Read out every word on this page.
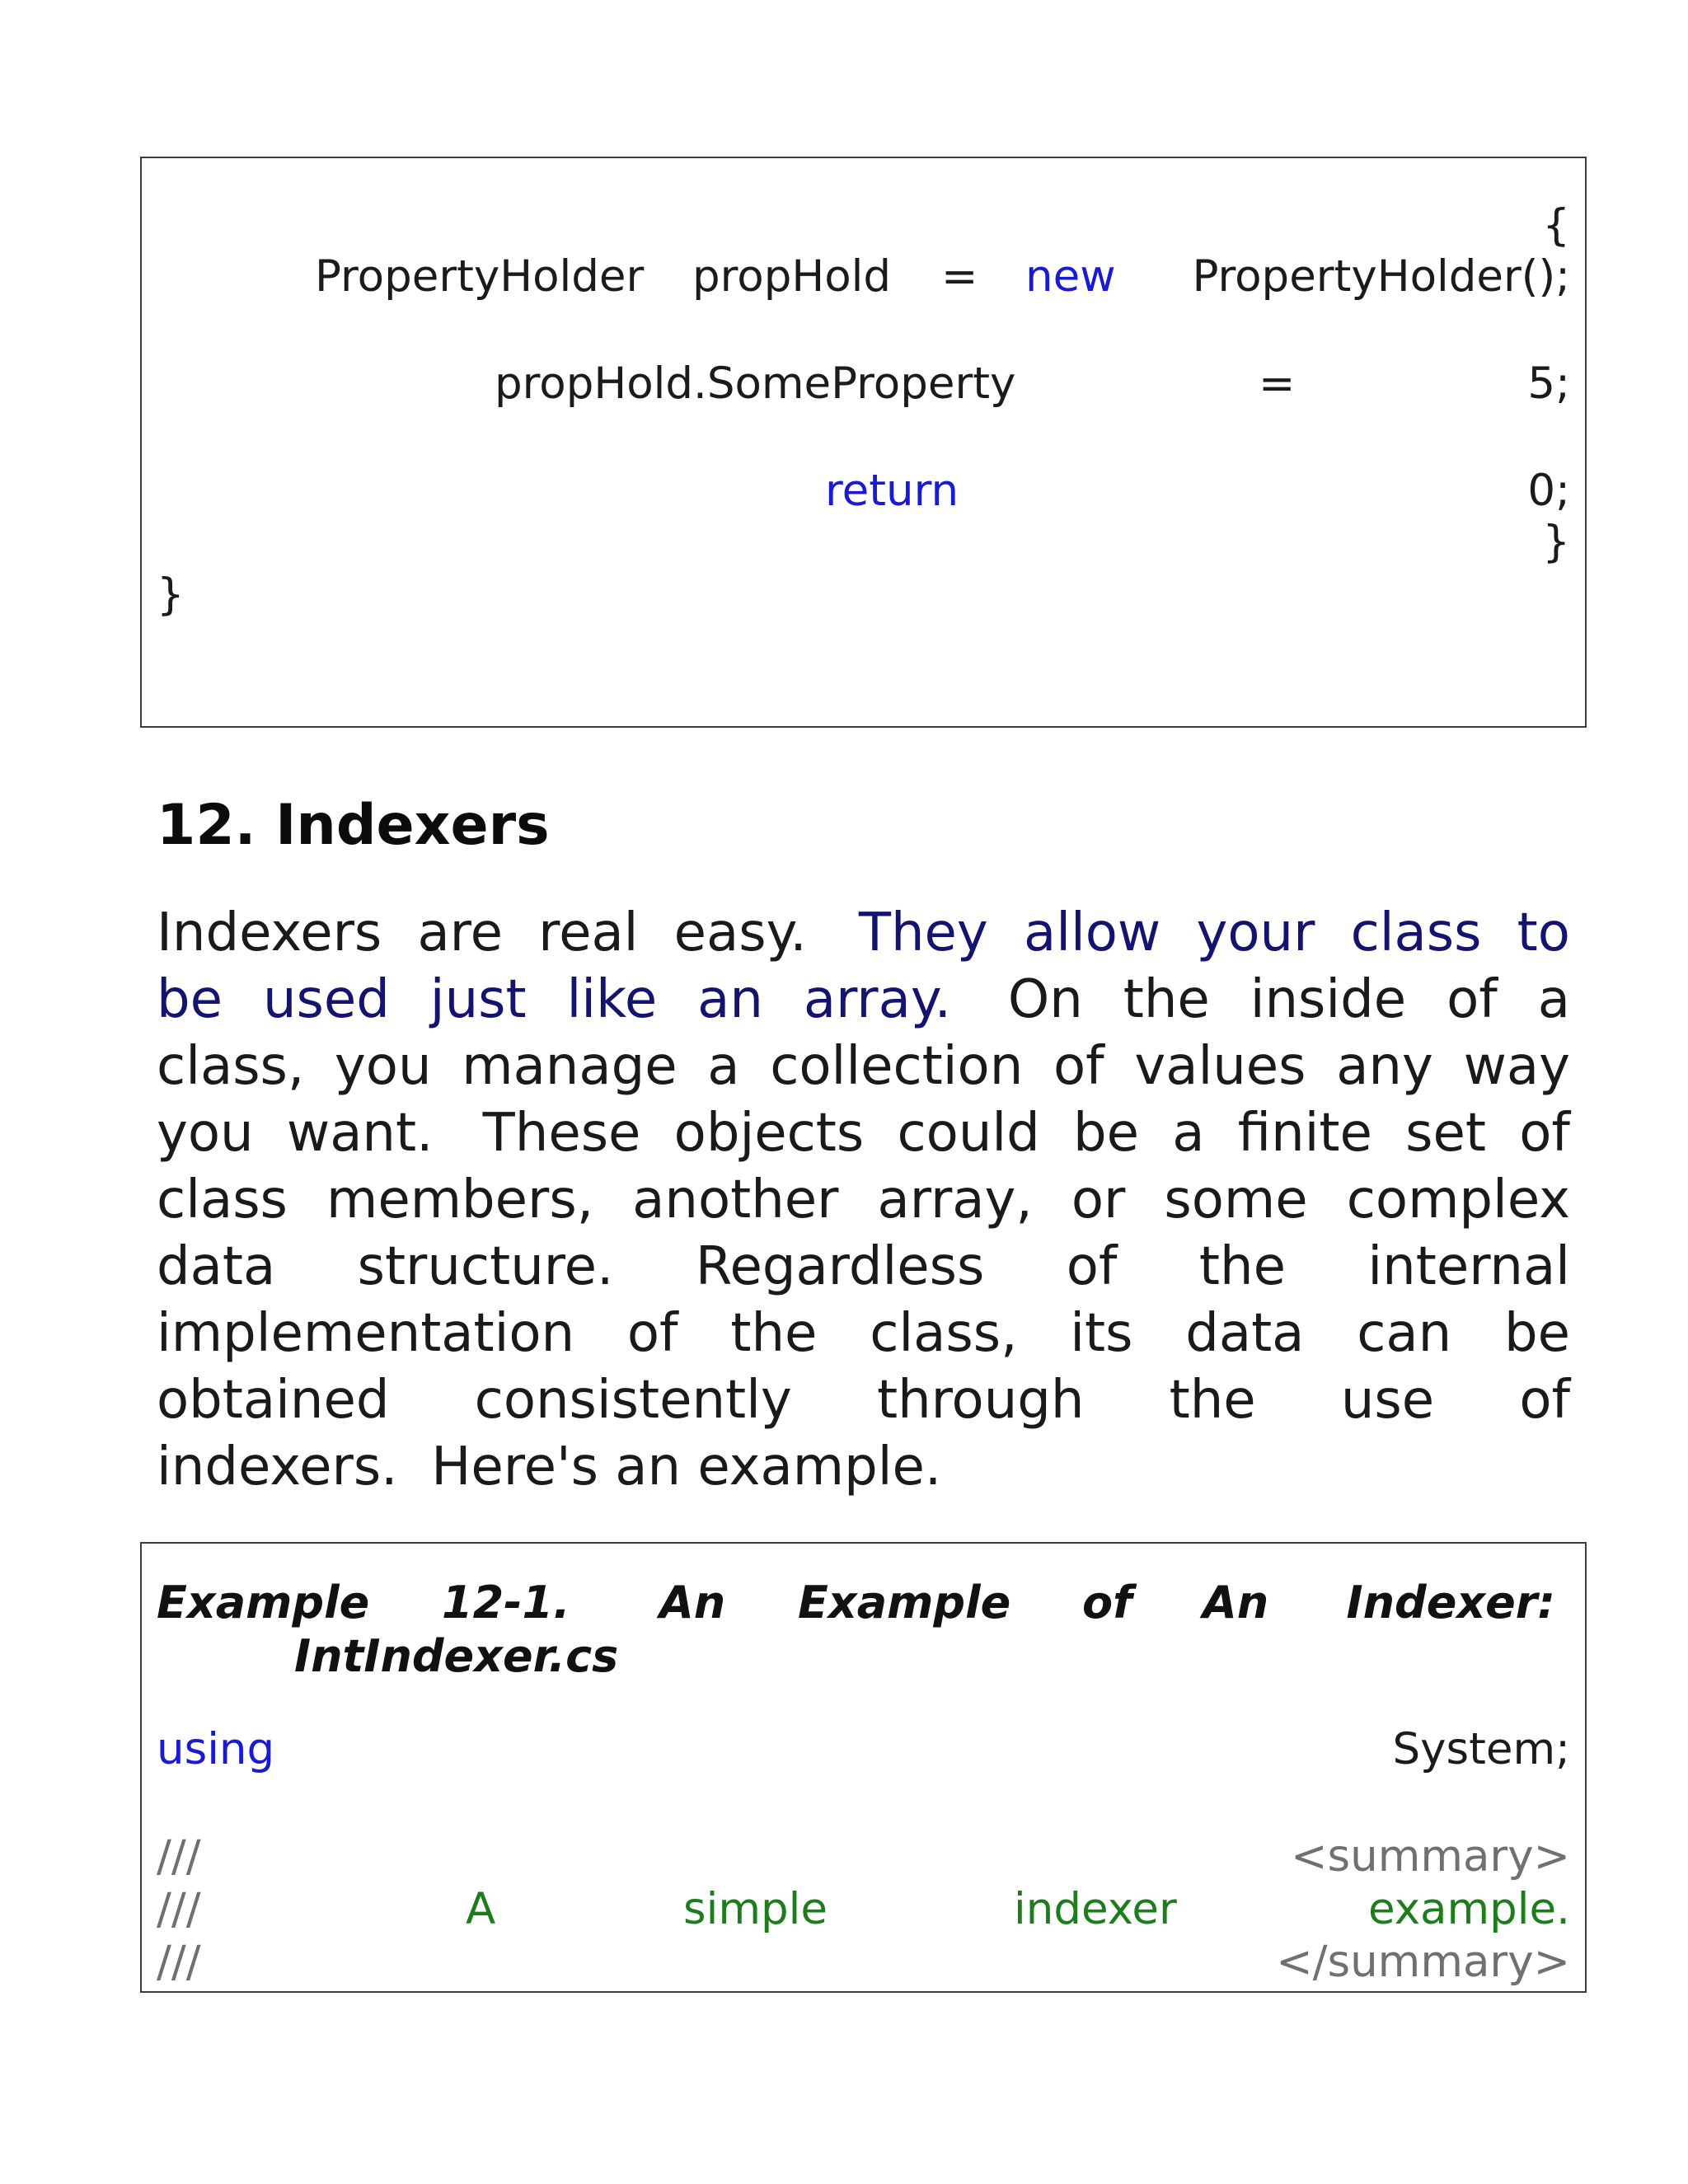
{
PropertyHolder propHold = new PropertyHolder();
propHold.SomeProperty	=	5;
return	0;
}
}
12. Indexers
Indexers are real easy. They allow your class to
be used just like an array. On the inside of a
class, you manage a collection of values any way
you want. These objects could be a finite set of
class members, another array, or some complex
data structure. Regardless of the internal
implementation of the class, its data can be
obtained consistently through the use of
indexers.  Here's an example.
Example 12-1. An Example of An Indexer:
IntIndexer.cs
using	System;
///	<summary>
///	A	simple	indexer	example.
///	</summary>
